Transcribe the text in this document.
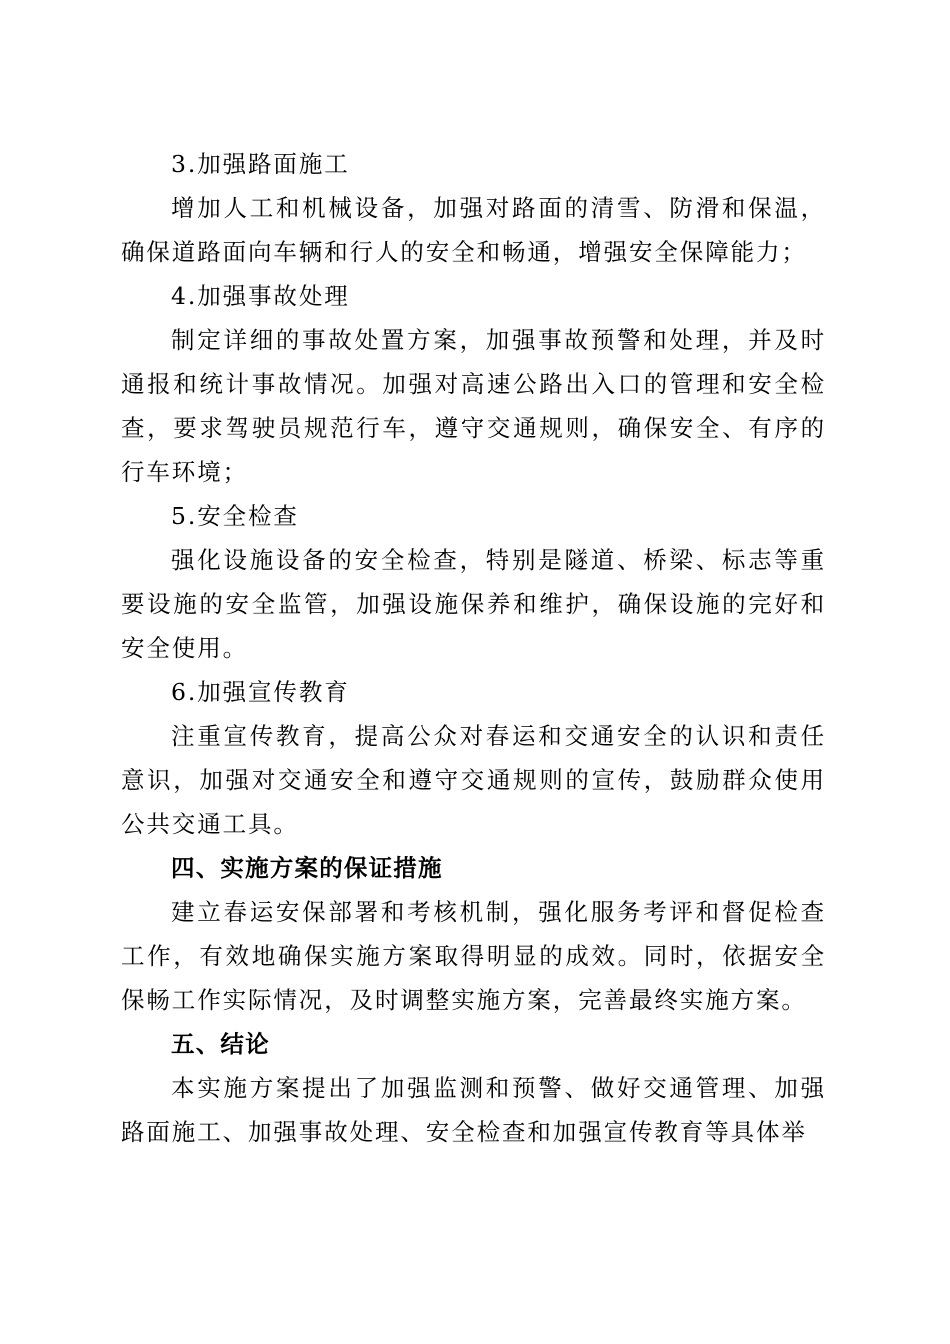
3.加强路面施工
增加人工和机械设备，加强对路面的清雪、防滑和保温，
确保道路面向车辆和行人的安全和畅通，增强安全保障能力；
4.加强事故处理
制定详细的事故处置方案，加强事故预警和处理，并及时
通报和统计事故情况。加强对高速公路出入口的管理和安全检
查，要求驾驶员规范行车，遵守交通规则，确保安全、有序的
行车环境；
5.安全检查
强化设施设备的安全检查，特别是隧道、桥梁、标志等重
要设施的安全监管，加强设施保养和维护，确保设施的完好和
安全使用。
6.加强宣传教育
注重宣传教育，提高公众对春运和交通安全的认识和责任
意识，加强对交通安全和遵守交通规则的宣传，鼓励群众使用
公共交通工具。
四、实施方案的保证措施
建立春运安保部署和考核机制，强化服务考评和督促检查
工作，有效地确保实施方案取得明显的成效。同时，依据安全
保畅工作实际情况，及时调整实施方案，完善最终实施方案。
五、结论
本实施方案提出了加强监测和预警、做好交通管理、加强
路面施工、加强事故处理、安全检查和加强宣传教育等具体举
